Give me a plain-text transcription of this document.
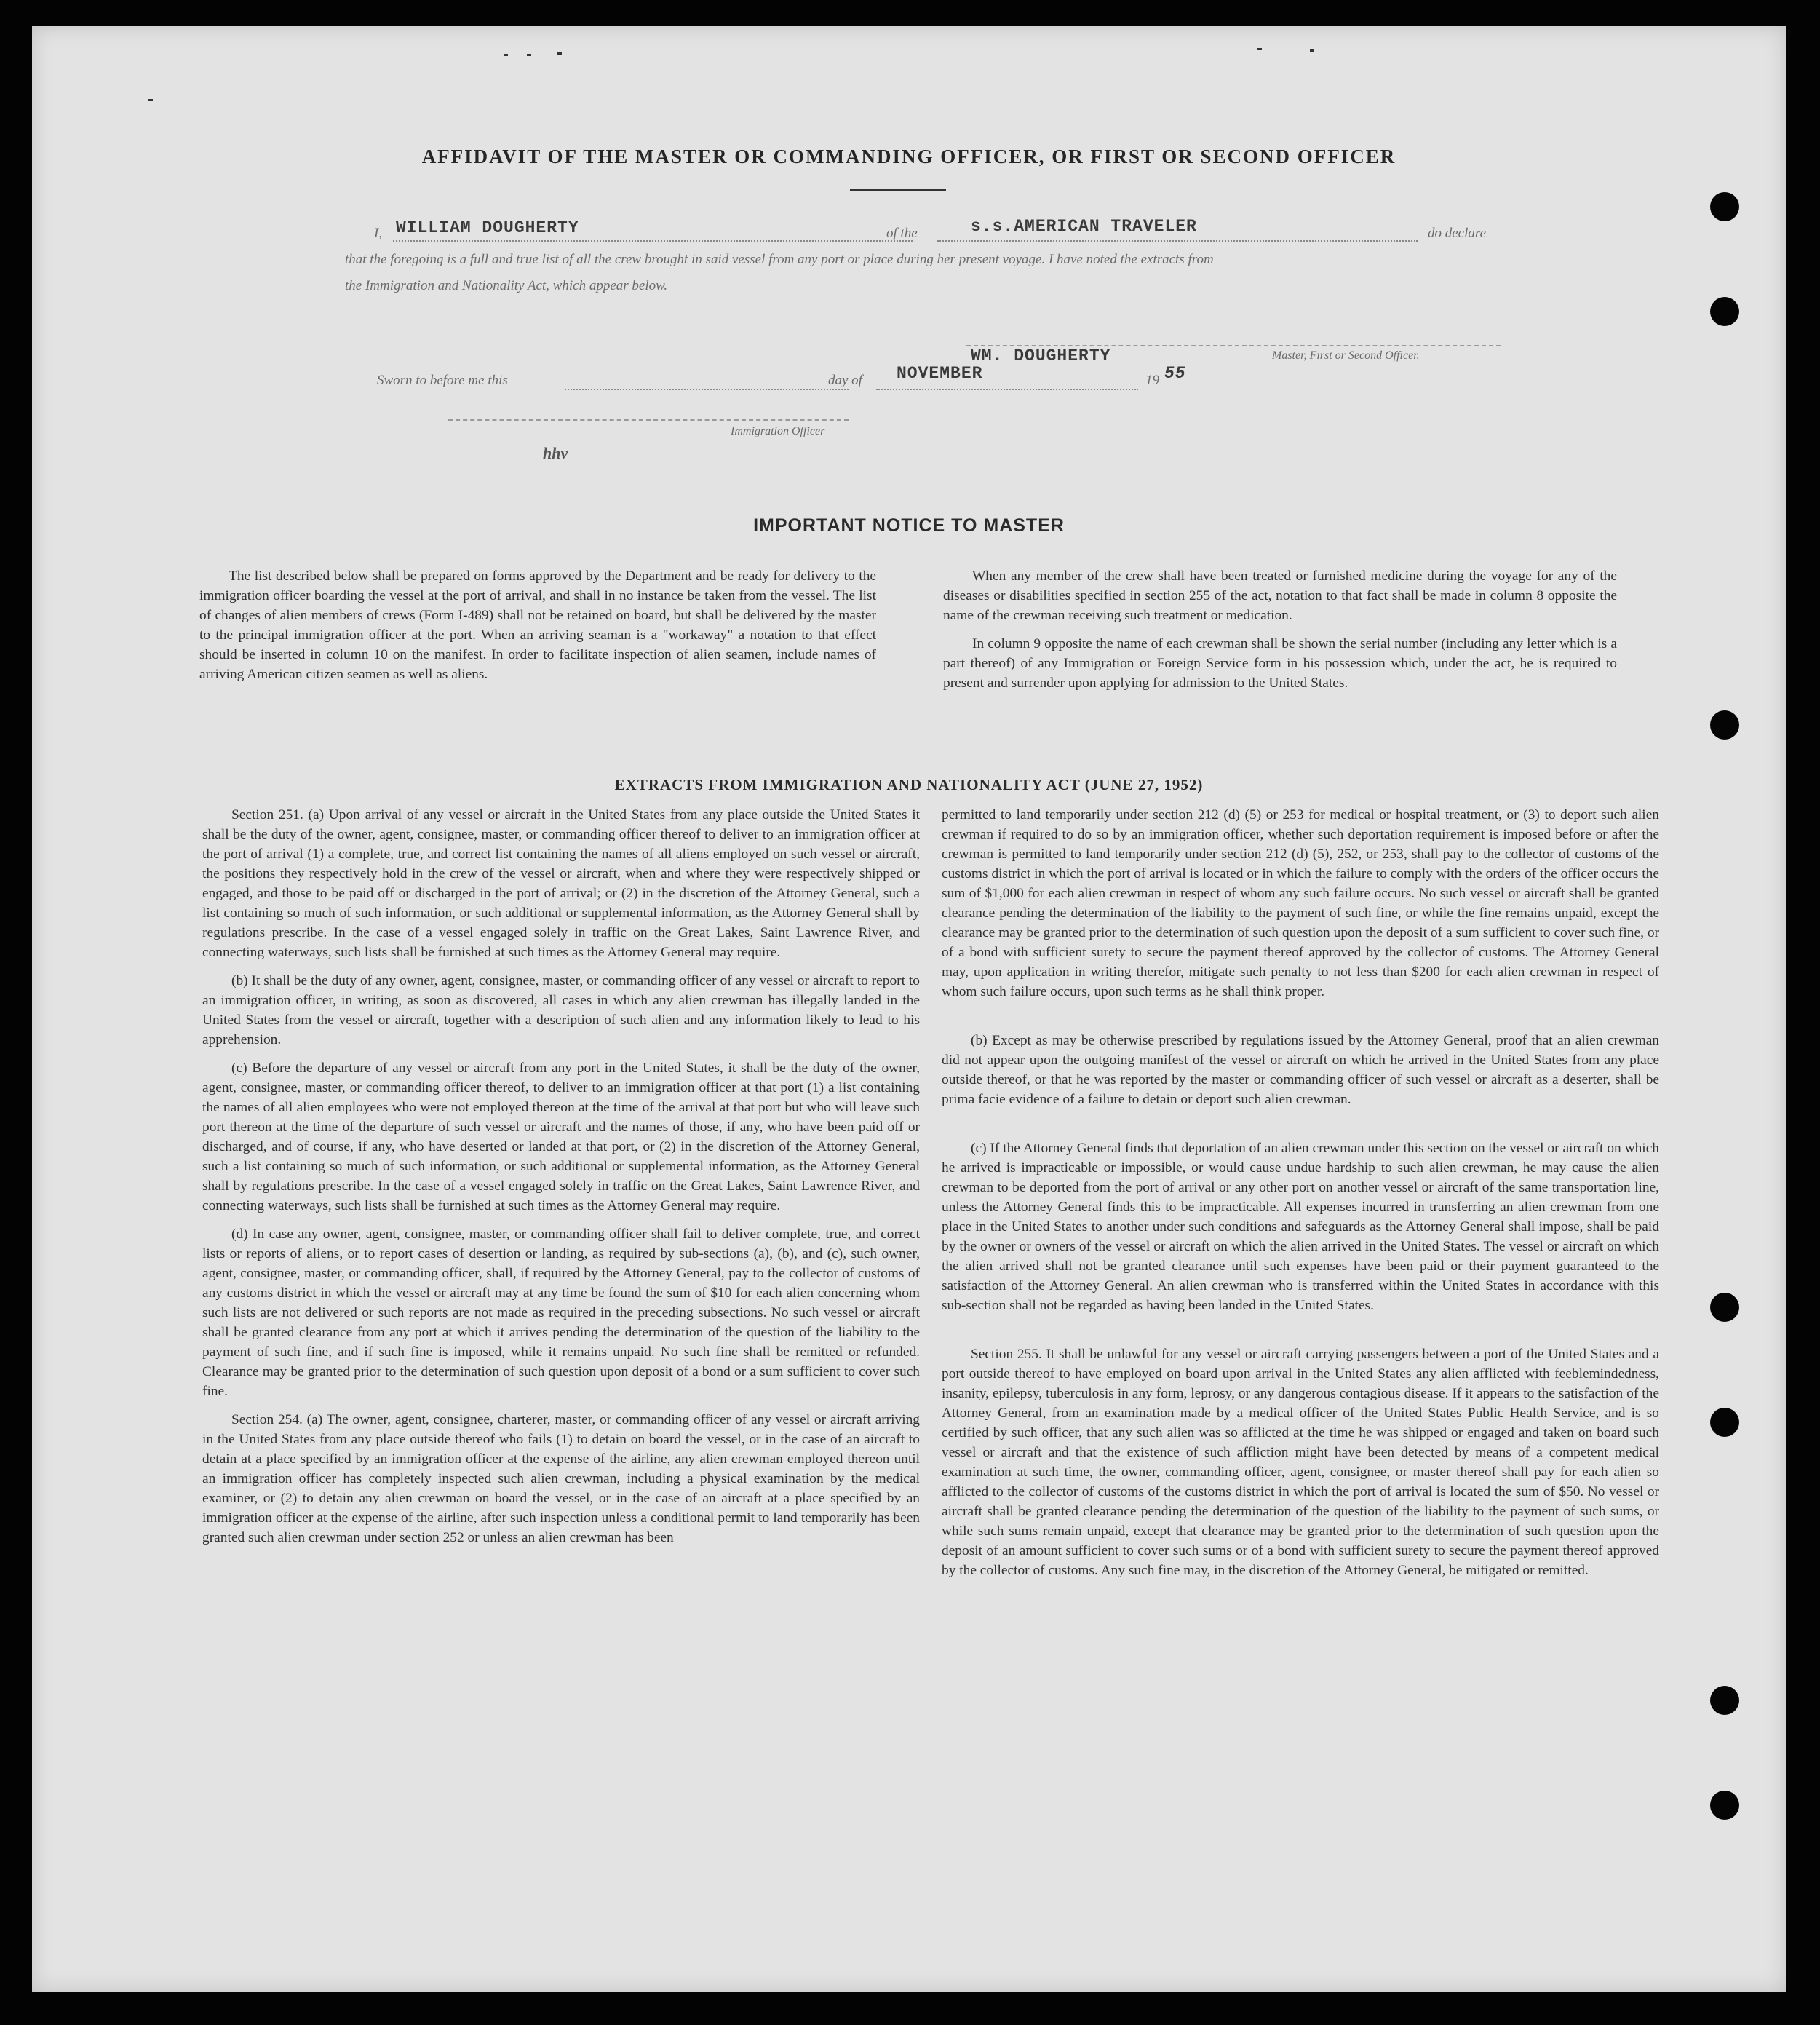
AFFIDAVIT OF THE MASTER OR COMMANDING OFFICER, OR FIRST OR SECOND OFFICER
I, WILLIAM DOUGHERTY	of the	s.s.AMERICAN TRAVELER	do declare
that the foregoing is a full and true list of all the crew brought in said vessel from any port or place during her present voyage. I have noted the extracts from
the Immigration and Nationality Act, which appear below.
WM. DOUGHERTY	Master, First or Second Officer.
Sworn to before me this	day of NOVEMBER	19 55
Immigration Officer
hhv
IMPORTANT NOTICE TO MASTER

The list described below shall be prepared on forms approved by the Department and be ready for delivery to the immigration officer boarding the vessel at the port of arrival, and shall in no instance be taken from the vessel. The list of changes of alien members of crews (Form I-489) shall not be retained on board, but shall be delivered by the master to the principal immigration officer at the port. When an arriving seaman is a "workaway" a notation to that effect should be inserted in column 10 on the manifest. In order to facilitate inspection of alien seamen, include names of arriving American citizen seamen as well as aliens.

When any member of the crew shall have been treated or furnished medicine during the voyage for any of the diseases or disabilities specified in section 255 of the act, notation to that fact shall be made in column 8 opposite the name of the crewman receiving such treatment or medication.

In column 9 opposite the name of each crewman shall be shown the serial number (including any letter which is a part thereof) of any Immigration or Foreign Service form in his possession which, under the act, he is required to present and surrender upon applying for admission to the United States.

EXTRACTS FROM IMMIGRATION AND NATIONALITY ACT (JUNE 27, 1952)

Section 251. (a) Upon arrival of any vessel or aircraft in the United States from any place outside the United States it shall be the duty of the owner, agent, consignee, master, or commanding officer thereof to deliver to an immigration officer at the port of arrival (1) a complete, true, and correct list containing the names of all aliens employed on such vessel or aircraft, the positions they respectively hold in the crew of the vessel or aircraft, when and where they were respectively shipped or engaged, and those to be paid off or discharged in the port of arrival; or (2) in the discretion of the Attorney General, such a list containing so much of such information, or such additional or supplemental information, as the Attorney General shall by regulations prescribe. In the case of a vessel engaged solely in traffic on the Great Lakes, Saint Lawrence River, and connecting waterways, such lists shall be furnished at such times as the Attorney General may require.

(b) It shall be the duty of any owner, agent, consignee, master, or commanding officer of any vessel or aircraft to report to an immigration officer, in writing, as soon as discovered, all cases in which any alien crewman has illegally landed in the United States from the vessel or aircraft, together with a description of such alien and any information likely to lead to his apprehension.

(c) Before the departure of any vessel or aircraft from any port in the United States, it shall be the duty of the owner, agent, consignee, master, or commanding officer thereof, to deliver to an immigration officer at that port (1) a list containing the names of all alien employees who were not employed thereon at the time of the arrival at that port but who will leave such port thereon at the time of the departure of such vessel or aircraft and the names of those, if any, who have been paid off or discharged, and of course, if any, who have deserted or landed at that port, or (2) in the discretion of the Attorney General, such a list containing so much of such information, or such additional or supplemental information, as the Attorney General shall by regulations prescribe. In the case of a vessel engaged solely in traffic on the Great Lakes, Saint Lawrence River, and connecting waterways, such lists shall be furnished at such times as the Attorney General may require.

(d) In case any owner, agent, consignee, master, or commanding officer shall fail to deliver complete, true, and correct lists or reports of aliens, or to report cases of desertion or landing, as required by sub-sections (a), (b), and (c), such owner, agent, consignee, master, or commanding officer, shall, if required by the Attorney General, pay to the collector of customs of any customs district in which the vessel or aircraft may at any time be found the sum of $10 for each alien concerning whom such lists are not delivered or such reports are not made as required in the preceding subsections. No such vessel or aircraft shall be granted clearance from any port at which it arrives pending the determination of the question of the liability to the payment of such fine, and if such fine is imposed, while it remains unpaid. No such fine shall be remitted or refunded. Clearance may be granted prior to the determination of such question upon deposit of a bond or a sum sufficient to cover such fine.

Section 254. (a) The owner, agent, consignee, charterer, master, or commanding officer of any vessel or aircraft arriving in the United States from any place outside thereof who fails (1) to detain on board the vessel, or in the case of an aircraft to detain at a place specified by an immigration officer at the expense of the airline, any alien crewman employed thereon until an immigration officer has completely inspected such alien crewman, including a physical examination by the medical examiner, or (2) to detain any alien crewman on board the vessel, or in the case of an aircraft at a place specified by an immigration officer at the expense of the airline, after such inspection unless a conditional permit to land temporarily has been granted such alien crewman under section 252 or unless an alien crewman has been

permitted to land temporarily under section 212 (d) (5) or 253 for medical or hospital treatment, or (3) to deport such alien crewman if required to do so by an immigration officer, whether such deportation requirement is imposed before or after the crewman is permitted to land temporarily under section 212 (d) (5), 252, or 253, shall pay to the collector of customs of the customs district in which the port of arrival is located or in which the failure to comply with the orders of the officer occurs the sum of $1,000 for each alien crewman in respect of whom any such failure occurs. No such vessel or aircraft shall be granted clearance pending the determination of the liability to the payment of such fine, or while the fine remains unpaid, except the clearance may be granted prior to the determination of such question upon the deposit of a sum sufficient to cover such fine, or of a bond with sufficient surety to secure the payment thereof approved by the collector of customs. The Attorney General may, upon application in writing therefor, mitigate such penalty to not less than $200 for each alien crewman in respect of whom such failure occurs, upon such terms as he shall think proper.

(b) Except as may be otherwise prescribed by regulations issued by the Attorney General, proof that an alien crewman did not appear upon the outgoing manifest of the vessel or aircraft on which he arrived in the United States from any place outside thereof, or that he was reported by the master or commanding officer of such vessel or aircraft as a deserter, shall be prima facie evidence of a failure to detain or deport such alien crewman.

(c) If the Attorney General finds that deportation of an alien crewman under this section on the vessel or aircraft on which he arrived is impracticable or impossible, or would cause undue hardship to such alien crewman, he may cause the alien crewman to be deported from the port of arrival or any other port on another vessel or aircraft of the same transportation line, unless the Attorney General finds this to be impracticable. All expenses incurred in transferring an alien crewman from one place in the United States to another under such conditions and safeguards as the Attorney General shall impose, shall be paid by the owner or owners of the vessel or aircraft on which the alien arrived in the United States. The vessel or aircraft on which the alien arrived shall not be granted clearance until such expenses have been paid or their payment guaranteed to the satisfaction of the Attorney General. An alien crewman who is transferred within the United States in accordance with this sub-section shall not be regarded as having been landed in the United States.

Section 255. It shall be unlawful for any vessel or aircraft carrying passengers between a port of the United States and a port outside thereof to have employed on board upon arrival in the United States any alien afflicted with feeblemindedness, insanity, epilepsy, tuberculosis in any form, leprosy, or any dangerous contagious disease. If it appears to the satisfaction of the Attorney General, from an examination made by a medical officer of the United States Public Health Service, and is so certified by such officer, that any such alien was so afflicted at the time he was shipped or engaged and taken on board such vessel or aircraft and that the existence of such affliction might have been detected by means of a competent medical examination at such time, the owner, commanding officer, agent, consignee, or master thereof shall pay for each alien so afflicted to the collector of customs of the customs district in which the port of arrival is located the sum of $50. No vessel or aircraft shall be granted clearance pending the determination of the question of the liability to the payment of such sums, or while such sums remain unpaid, except that clearance may be granted prior to the determination of such question upon the deposit of an amount sufficient to cover such sums or of a bond with sufficient surety to secure the payment thereof approved by the collector of customs. Any such fine may, in the discretion of the Attorney General, be mitigated or remitted.
